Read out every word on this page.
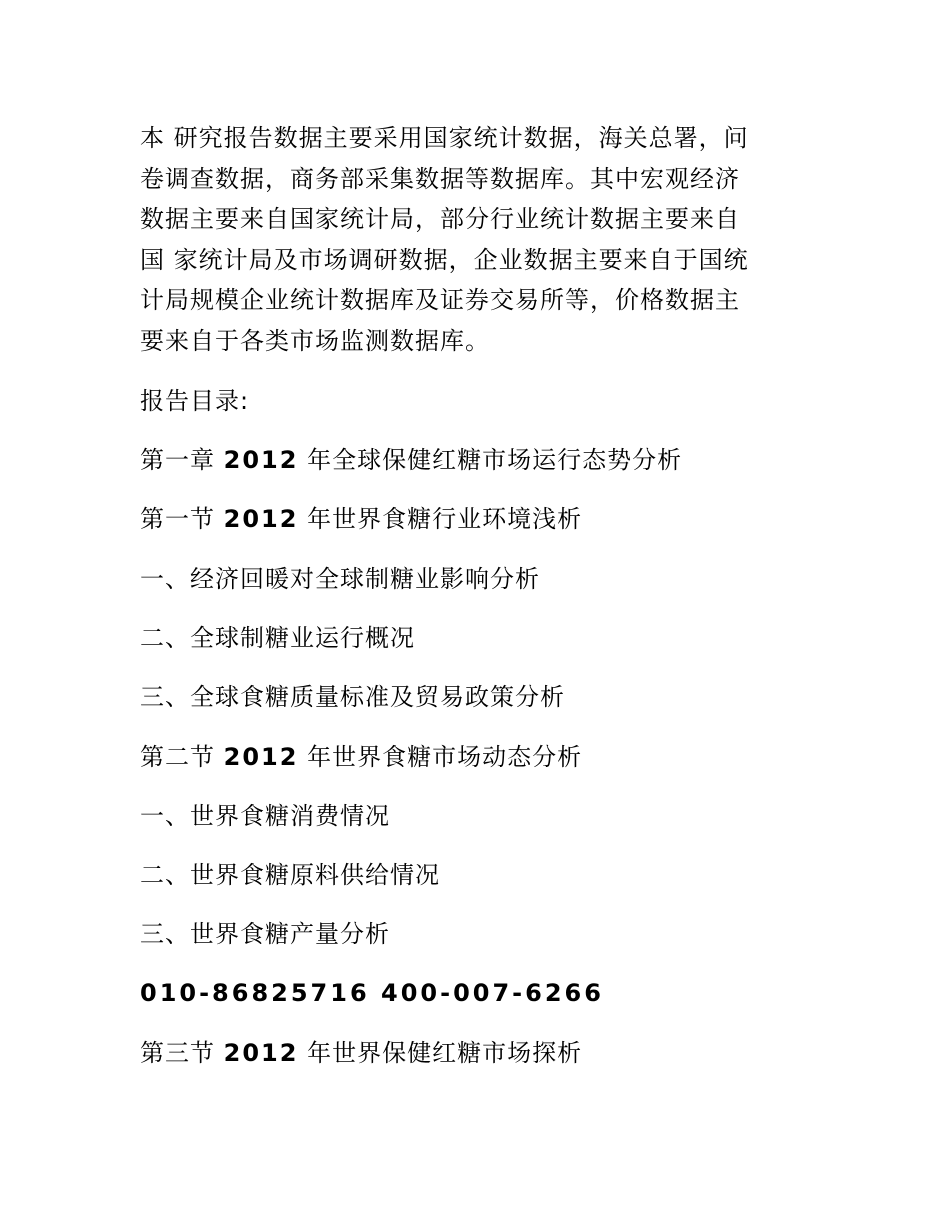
本 研究报告数据主要采用国家统计数据，海关总署，问
卷调查数据，商务部采集数据等数据库。其中宏观经济
数据主要来自国家统计局，部分行业统计数据主要来自
国 家统计局及市场调研数据，企业数据主要来自于国统
计局规模企业统计数据库及证券交易所等，价格数据主
要来自于各类市场监测数据库。

报告目录:

第一章 2012 年全球保健红糖市场运行态势分析

第一节 2012 年世界食糖行业环境浅析

一、经济回暖对全球制糖业影响分析

二、全球制糖业运行概况

三、全球食糖质量标准及贸易政策分析

第二节 2012 年世界食糖市场动态分析

一、世界食糖消费情况

二、世界食糖原料供给情况

三、世界食糖产量分析

010-86825716 400-007-6266

第三节 2012 年世界保健红糖市场探析
